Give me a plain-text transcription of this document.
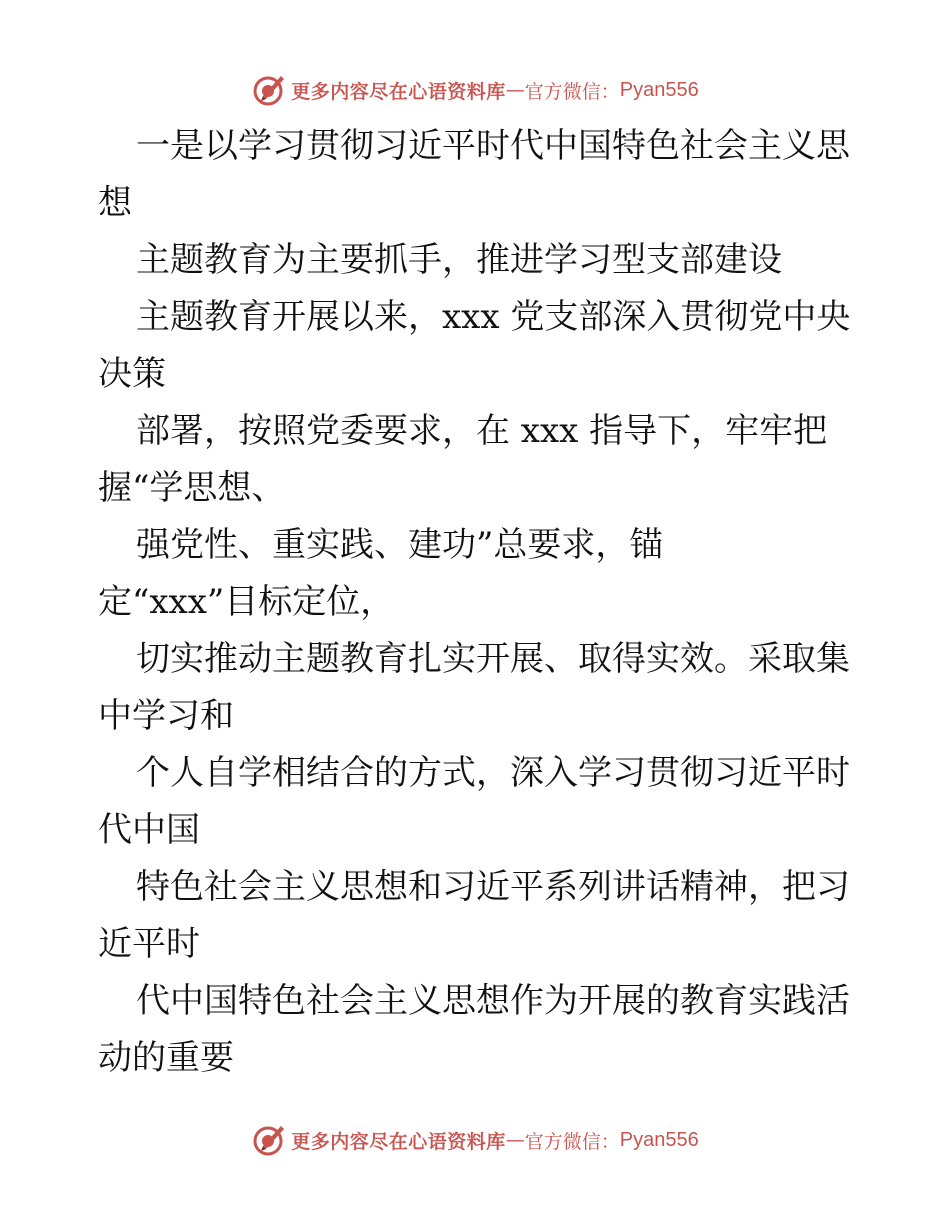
更多内容尽在心语资料库 — 官方微信： Pyan556
一是以学习贯彻习近平时代中国特色社会主义思
想
主题教育为主要抓手，推进学习型支部建设
主题教育开展以来，xxx 党支部深入贯彻党中央
决策
部署，按照党委要求，在 xxx 指导下，牢牢把
握“学思想、
强党性、重实践、建功”总要求，锚
定“xxx”目标定位，
切实推动主题教育扎实开展、取得实效。采取集
中学习和
个人自学相结合的方式，深入学习贯彻习近平时
代中国
特色社会主义思想和习近平系列讲话精神，把习
近平时
代中国特色社会主义思想作为开展的教育实践活
动的重要
更多内容尽在心语资料库 — 官方微信： Pyan556
